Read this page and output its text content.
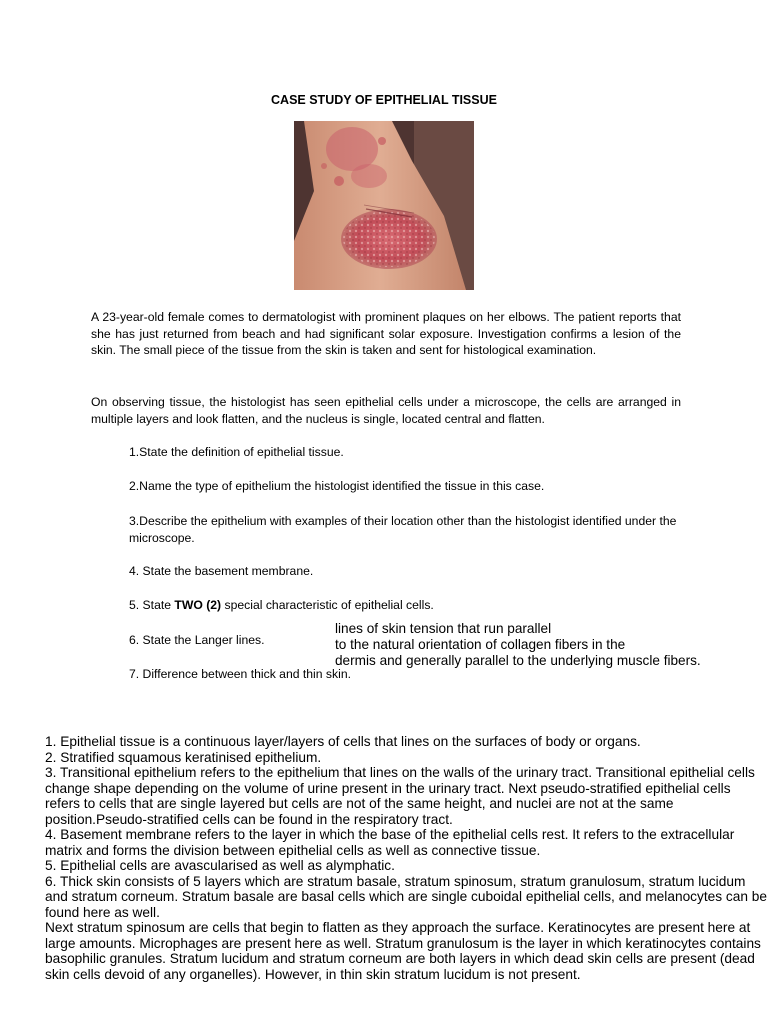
CASE STUDY OF EPITHELIAL TISSUE

A 23-year-old female comes to dermatologist with prominent plaques on her elbows. The patient reports that she has just returned from beach and had significant solar exposure. Investigation confirms a lesion of the skin. The small piece of the tissue from the skin is taken and sent for histological examination.

On observing tissue, the histologist has seen epithelial cells under a microscope, the cells are arranged in multiple layers and look flatten, and the nucleus is single, located central and flatten.

1.State the definition of epithelial tissue.

2.Name the type of epithelium the histologist identified the tissue in this case.

3.Describe the epithelium with examples of their location other than the histologist identified under the microscope.

4. State the basement membrane.

5. State TWO (2) special characteristic of epithelial cells.

6. State the Langer lines.

7. Difference between thick and thin skin.

lines of skin tension that run parallel
to the natural orientation of collagen fibers in the
dermis and generally parallel to the underlying muscle fibers.

1. Epithelial tissue is a continuous layer/layers of cells that lines on the surfaces of body or organs.

2. Stratified squamous keratinised epithelium.

3. Transitional epithelium refers to the epithelium that lines on the walls of the urinary tract. Transitional epithelial cells change shape depending on the volume of urine present in the urinary tract. Next pseudo-stratified epithelial cells refers to cells that are single layered but cells are not of the same height, and nuclei are not at the same position.Pseudo-stratified cells can be found in the respiratory tract.

4. Basement membrane refers to the layer in which the base of the epithelial cells rest. It refers to the extracellular matrix and forms the division between epithelial cells as well as connective tissue.

5. Epithelial cells are avascularised as well as alymphatic.

6. Thick skin consists of 5 layers which are stratum basale, stratum spinosum, stratum granulosum, stratum lucidum and stratum corneum. Stratum basale are basal cells which are single cuboidal epithelial cells, and melanocytes can be found here as well.

Next stratum spinosum are cells that begin to flatten as they approach the surface. Keratinocytes are present here at large amounts. Microphages are present here as well. Stratum granulosum is the layer in which keratinocytes contains basophilic granules. Stratum lucidum and stratum corneum are both layers in which dead skin cells are present (dead skin cells devoid of any organelles). However, in thin skin stratum lucidum is not present.
